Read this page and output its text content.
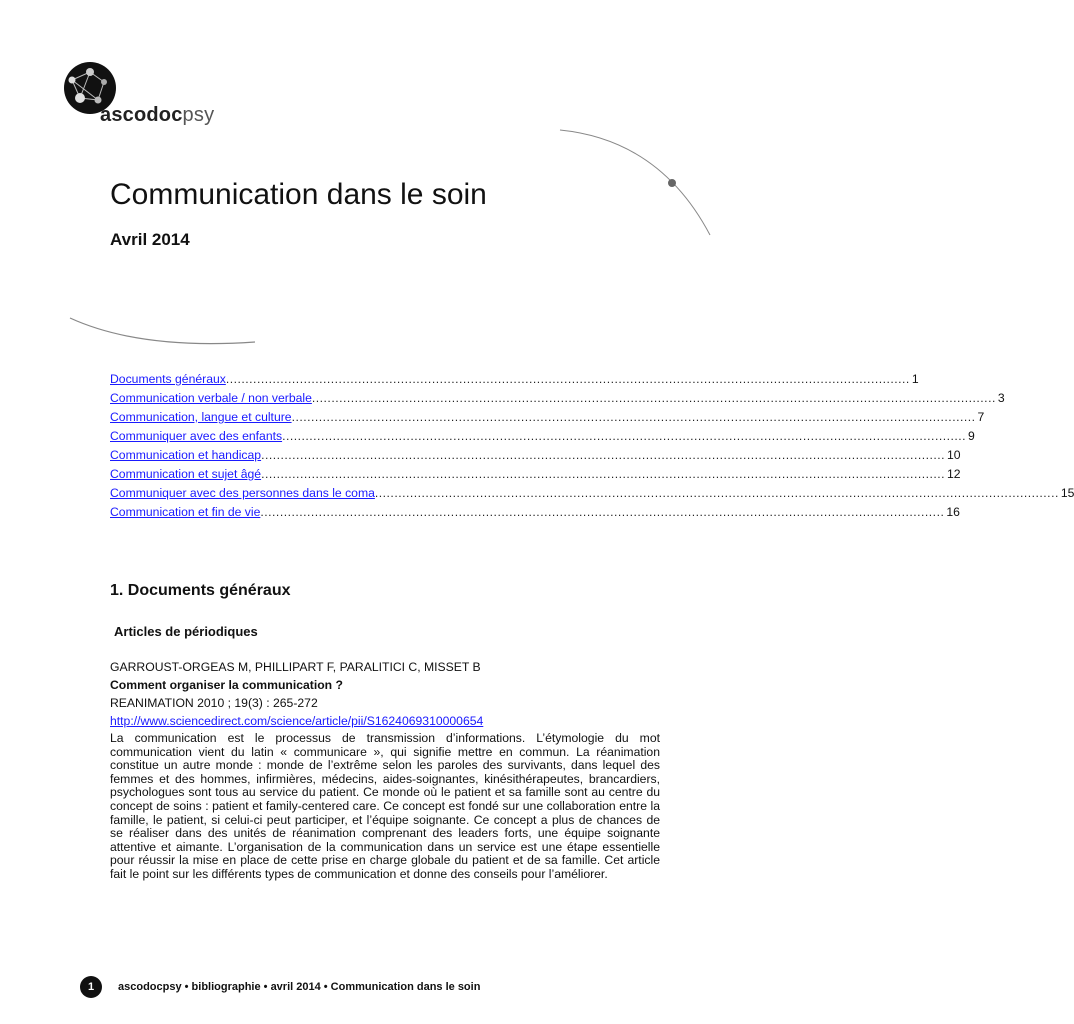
ascodocpsy
Communication dans le soin
Avril 2014
Documents généraux ................................................................................................................................................................................ 1
Communication verbale / non verbale ................................................................................................................................................................................ 3
Communication, langue et culture ................................................................................................................................................................................ 7
Communiquer avec des enfants ................................................................................................................................................................................ 9
Communication et handicap ................................................................................................................................................................................ 10
Communication et sujet âgé ................................................................................................................................................................................ 12
Communiquer avec des personnes dans le coma ................................................................................................................................................................................ 15
Communication et fin de vie ................................................................................................................................................................................ 16
1. Documents généraux
Articles de périodiques

GARROUST-ORGEAS M, PHILLIPART F, PARALITICI C, MISSET B

Comment organiser la communication ?

REANIMATION 2010 ; 19(3) : 265-272

http://www.sciencedirect.com/science/article/pii/S1624069310000654

La communication est le processus de transmission d’informations. L’étymologie du mot communication vient du latin « communicare », qui signifie mettre en commun. La réanimation constitue un autre monde : monde de l’extrême selon les paroles des survivants, dans lequel des femmes et des hommes, infirmières, médecins, aides-soignantes, kinésithérapeutes, brancardiers, psychologues sont tous au service du patient. Ce monde où le patient et sa famille sont au centre du concept de soins : patient et family-centered care. Ce concept est fondé sur une collaboration entre la famille, le patient, si celui-ci peut participer, et l’équipe soignante. Ce concept a plus de chances de se réaliser dans des unités de réanimation comprenant des leaders forts, une équipe soignante attentive et aimante. L’organisation de la communication dans un service est une étape essentielle pour réussir la mise en place de cette prise en charge globale du patient et de sa famille. Cet article fait le point sur les différents types de communication et donne des conseils pour l’améliorer.

1	ascodocpsy • bibliographie • avril 2014 • Communication dans le soin
